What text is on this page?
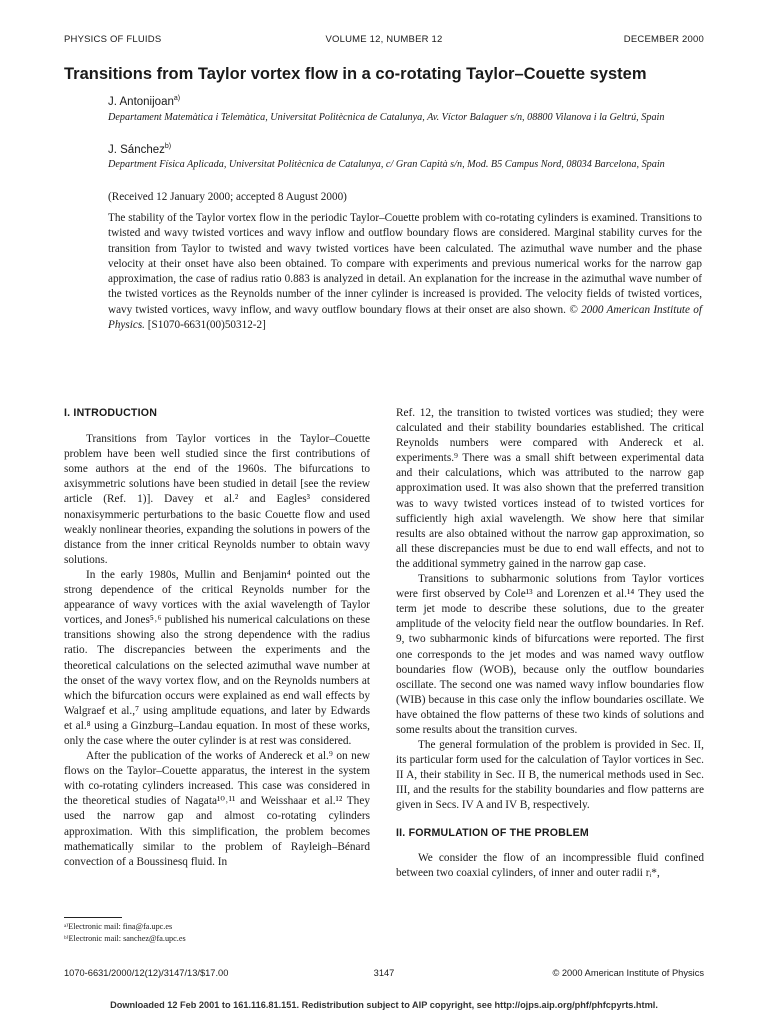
PHYSICS OF FLUIDS	VOLUME 12, NUMBER 12	DECEMBER 2000
Transitions from Taylor vortex flow in a co-rotating Taylor–Couette system
J. Antonijoan$^{a)}$
Departament Matemàtica i Telemàtica, Universitat Politècnica de Catalunya, Av. Víctor Balaguer s/n, 08800 Vilanova i la Geltrú, Spain
J. Sánchez$^{b)}$
Department Física Aplicada, Universitat Politècnica de Catalunya, c/ Gran Capità s/n, Mod. B5 Campus Nord, 08034 Barcelona, Spain
(Received 12 January 2000; accepted 8 August 2000)
The stability of the Taylor vortex flow in the periodic Taylor–Couette problem with co-rotating cylinders is examined. Transitions to twisted and wavy twisted vortices and wavy inflow and outflow boundary flows are considered. Marginal stability curves for the transition from Taylor to twisted and wavy twisted vortices have been calculated. The azimuthal wave number and the phase velocity at their onset have also been obtained. To compare with experiments and previous numerical works for the narrow gap approximation, the case of radius ratio 0.883 is analyzed in detail. An explanation for the increase in the azimuthal wave number of the twisted vortices as the Reynolds number of the inner cylinder is increased is provided. The velocity fields of twisted vortices, wavy twisted vortices, wavy inflow, and wavy outflow boundary flows at their onset are also shown. © 2000 American Institute of Physics. [S1070-6631(00)50312-2]
I. INTRODUCTION

Transitions from Taylor vortices in the Taylor–Couette problem have been well studied since the first contributions of some authors at the end of the 1960s. The bifurcations to axisymmetric solutions have been studied in detail [see the review article (Ref. 1)]. Davey et al.² and Eagles³ considered nonaxisymmeric perturbations to the basic Couette flow and used weakly nonlinear theories, expanding the solutions in powers of the distance from the inner critical Reynolds number to obtain wavy solutions.

In the early 1980s, Mullin and Benjamin⁴ pointed out the strong dependence of the critical Reynolds number for the appearance of wavy vortices with the axial wavelength of Taylor vortices, and Jones⁵˒⁶ published his numerical calculations on these transitions showing also the strong dependence with the radius ratio. The discrepancies between the experiments and the theoretical calculations on the selected azimuthal wave number at the onset of the wavy vortex flow, and on the Reynolds numbers at which the bifurcation occurs were explained as end wall effects by Walgraef et al.,⁷ using amplitude equations, and later by Edwards et al.⁸ using a Ginzburg–Landau equation. In most of these works, only the case where the outer cylinder is at rest was considered.

After the publication of the works of Andereck et al.⁹ on new flows on the Taylor–Couette apparatus, the interest in the system with co-rotating cylinders increased. This case was considered in the theoretical studies of Nagata¹⁰˒¹¹ and Weisshaar et al.¹² They used the narrow gap and almost co-rotating cylinders approximation. With this simplification, the problem becomes mathematically similar to the problem of Rayleigh–Bénard convection of a Boussinesq fluid. In

Ref. 12, the transition to twisted vortices was studied; they were calculated and their stability boundaries established. The critical Reynolds numbers were compared with Andereck et al. experiments.⁹ There was a small shift between experimental data and their calculations, which was attributed to the narrow gap approximation used. It was also shown that the preferred transition was to wavy twisted vortices instead of to twisted vortices for sufficiently high axial wavelength. We show here that similar results are also obtained without the narrow gap approximation, so all these discrepancies must be due to end wall effects, and not to the additional symmetry gained in the narrow gap case.

Transitions to subharmonic solutions from Taylor vortices were first observed by Cole¹³ and Lorenzen et al.¹⁴ They used the term jet mode to describe these solutions, due to the greater amplitude of the velocity field near the outflow boundaries. In Ref. 9, two subharmonic kinds of bifurcations were reported. The first one corresponds to the jet modes and was named wavy outflow boundaries flow (WOB), because only the outflow boundaries oscillate. The second one was named wavy inflow boundaries flow (WIB) because in this case only the inflow boundaries oscillate. We have obtained the flow patterns of these two kinds of solutions and some results about the transition curves.

The general formulation of the problem is provided in Sec. II, its particular form used for the calculation of Taylor vortices in Sec. II A, their stability in Sec. II B, the numerical methods used in Sec. III, and the results for the stability boundaries and flow patterns are given in Secs. IV A and IV B, respectively.

II. FORMULATION OF THE PROBLEM

We consider the flow of an incompressible fluid confined between two coaxial cylinders, of inner and outer radii rᵢ*,

ᵃ⁾Electronic mail: fina@fa.upc.es
ᵇ⁾Electronic mail: sanchez@fa.upc.es
1070-6631/2000/12(12)/3147/13/$17.00	3147	© 2000 American Institute of Physics
Downloaded 12 Feb 2001 to 161.116.81.151. Redistribution subject to AIP copyright, see http://ojps.aip.org/phf/phfcpyrts.html.
